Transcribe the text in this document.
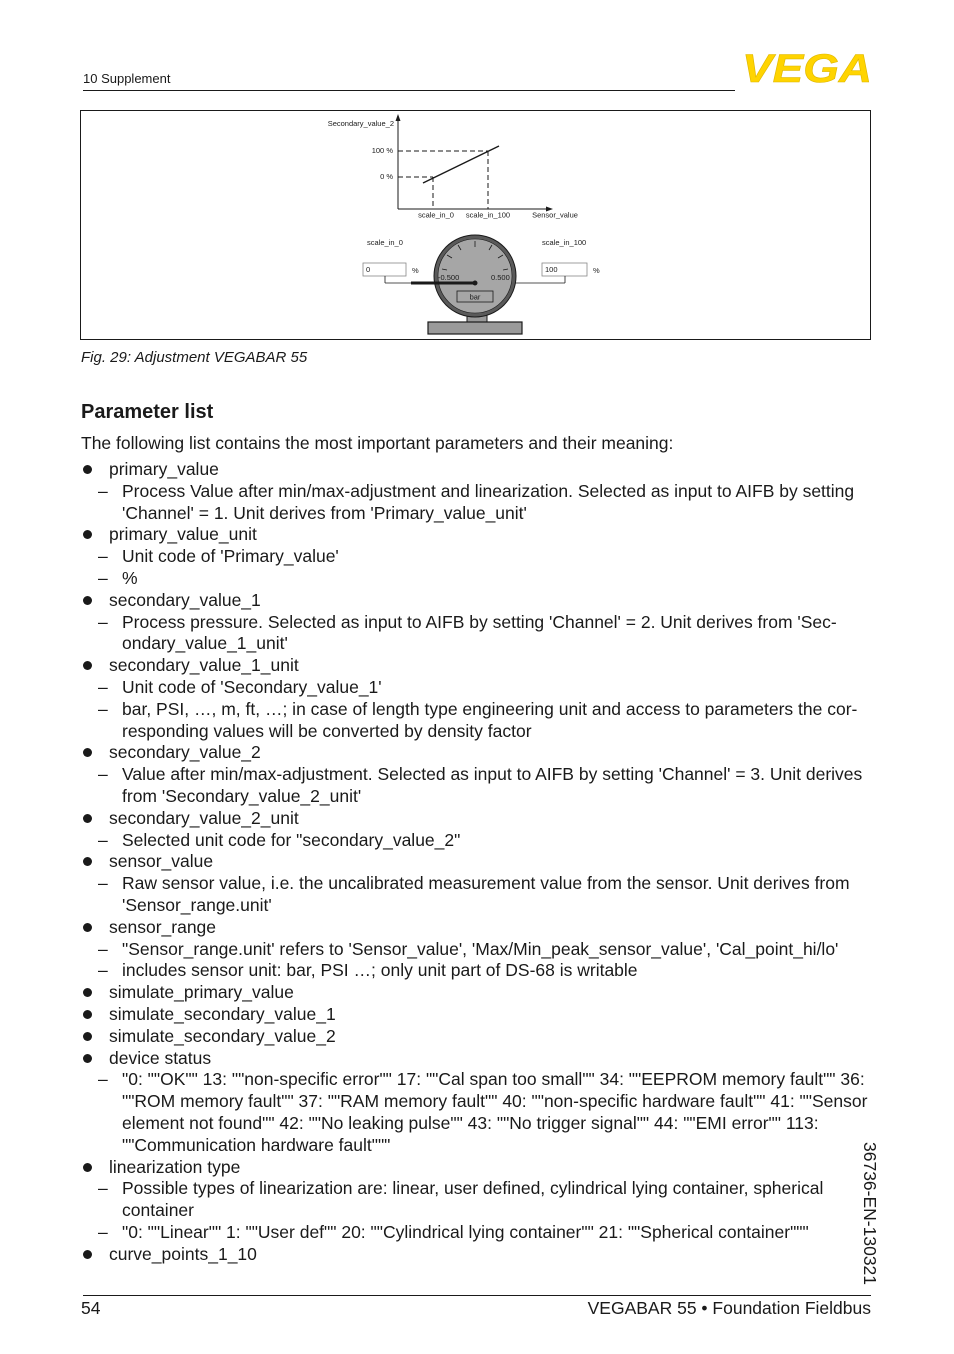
10 Supplement	VEGA
Secondary_value_2
100 %
0 %
scale_in_0 scale_in_100	Sensor_value
scale_in_0
0	%
scale_in_100
100	%
-0.500	0.500
bar
Fig. 29: Adjustment VEGABAR 55
Parameter list
The following list contains the most important parameters and their meaning:
primary_value
– Process Value after min/max-adjustment and linearization. Selected as input to AIFB by setting 'Channel' = 1. Unit derives from 'Primary_value_unit'
primary_value_unit
– Unit code of 'Primary_value'
– %
secondary_value_1
– Process pressure. Selected as input to AIFB by setting 'Channel' = 2. Unit derives from 'Sec-ondary_value_1_unit'
secondary_value_1_unit
– Unit code of 'Secondary_value_1'
– bar, PSI, …, m, ft, …; in case of length type engineering unit and access to parameters the cor-responding values will be converted by density factor
secondary_value_2
– Value after min/max-adjustment. Selected as input to AIFB by setting 'Channel' = 3. Unit derives from 'Secondary_value_2_unit'
secondary_value_2_unit
– Selected unit code for "secondary_value_2"
sensor_value
– Raw sensor value, i.e. the uncalibrated measurement value from the sensor. Unit derives from 'Sensor_range.unit'
sensor_range
– "Sensor_range.unit' refers to 'Sensor_value', 'Max/Min_peak_sensor_value', 'Cal_point_hi/lo'
– includes sensor unit: bar, PSI …; only unit part of DS-68 is writable
simulate_primary_value
simulate_secondary_value_1
simulate_secondary_value_2
device status
– "0: ""OK"" 13: ""non-specific error"" 17: ""Cal span too small"" 34: ""EEPROM memory fault"" 36: ""ROM memory fault"" 37: ""RAM memory fault"" 40: ""non-specific hardware fault"" 41: ""Sensor element not found"" 42: ""No leaking pulse"" 43: ""No trigger signal"" 44: ""EMI error"" 113: ""Communication hardware fault"""
linearization type
– Possible types of linearization are: linear, user defined, cylindrical lying container, spherical container
– "0: ""Linear"" 1: ""User def"" 20: ""Cylindrical lying container"" 21: ""Spherical container"""
curve_points_1_10	36736-EN-130321
54	VEGABAR 55 • Foundation Fieldbus
